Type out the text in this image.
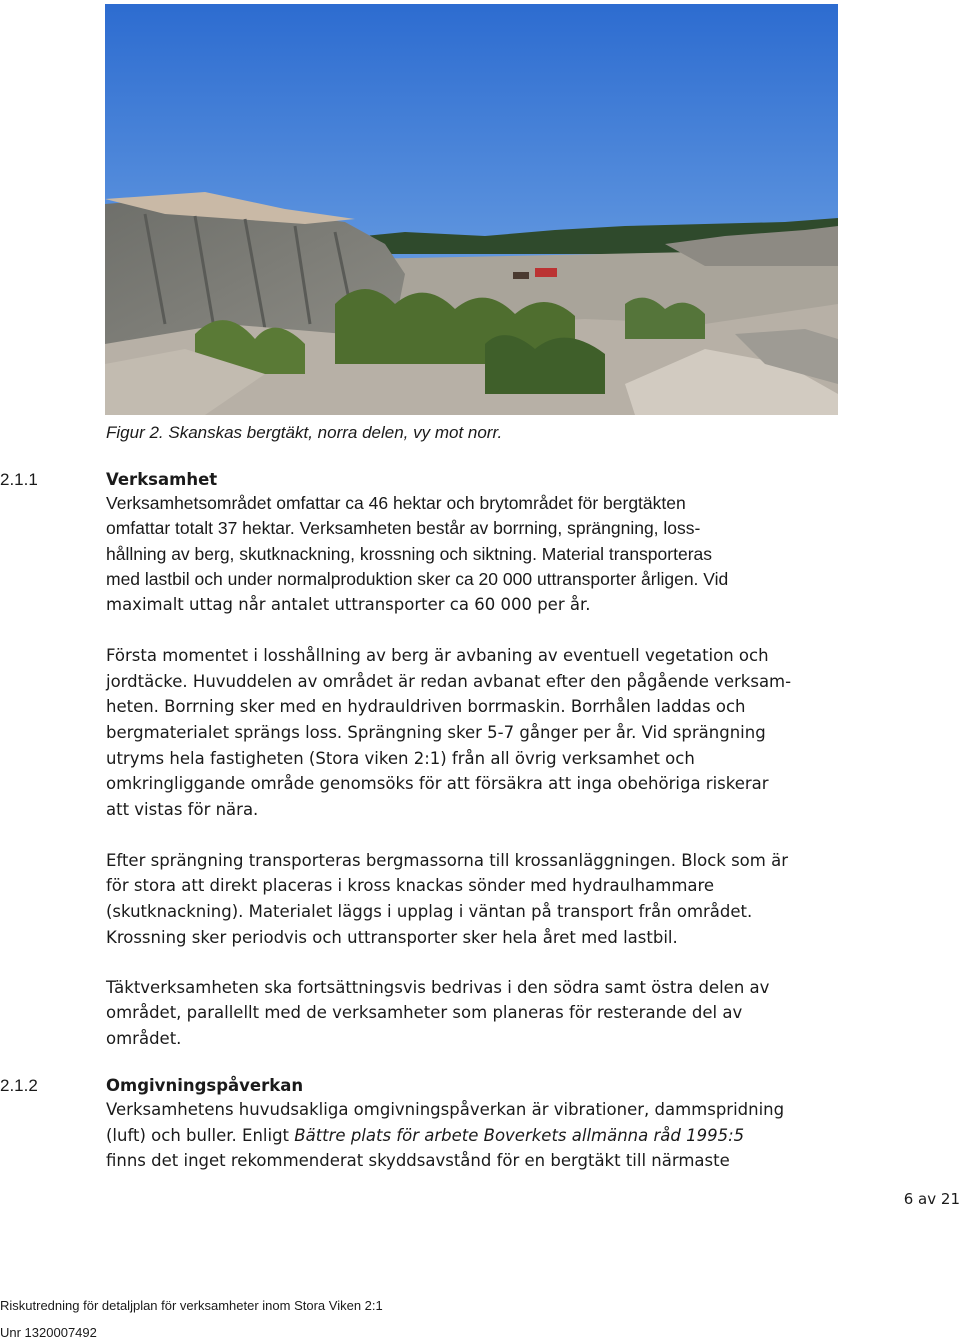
Figur 2. Skanskas bergtäkt, norra delen, vy mot norr.
2.1.1	Verksamhet
Verksamhetsområdet omfattar ca 46 hektar och brytområdet för bergtäkten
omfattar totalt 37 hektar. Verksamheten består av borrning, sprängning, loss-
hållning av berg, skutknackning, krossning och siktning. Material transporteras
med lastbil och under normalproduktion sker ca 20 000 uttransporter årligen. Vid
maximalt uttag når antalet uttransporter ca 60 000 per år.
Första momentet i losshållning av berg är avbaning av eventuell vegetation och
jordtäcke. Huvuddelen av området är redan avbanat efter den pågående verksam-
heten. Borrning sker med en hydrauldriven borrmaskin. Borrhålen laddas och
bergmaterialet sprängs loss. Sprängning sker 5-7 gånger per år. Vid sprängning
utryms hela fastigheten (Stora viken 2:1) från all övrig verksamhet och
omkringliggande område genomsöks för att försäkra att inga obehöriga riskerar
att vistas för nära.
Efter sprängning transporteras bergmassorna till krossanläggningen. Block som är
för stora att direkt placeras i kross knackas sönder med hydraulhammare
(skutknackning). Materialet läggs i upplag i väntan på transport från området.
Krossning sker periodvis och uttransporter sker hela året med lastbil.
Täktverksamheten ska fortsättningsvis bedrivas i den södra samt östra delen av
området, parallellt med de verksamheter som planeras för resterande del av
området.
2.1.2	Omgivningspåverkan
Verksamhetens huvudsakliga omgivningspåverkan är vibrationer, dammspridning
(luft) och buller. Enligt Bättre plats för arbete Boverkets allmänna råd 1995:5
finns det inget rekommenderat skyddsavstånd för en bergtäkt till närmaste
6 av 21
Riskutredning för detaljplan för verksamheter inom Stora Viken 2:1
Unr 1320007492
